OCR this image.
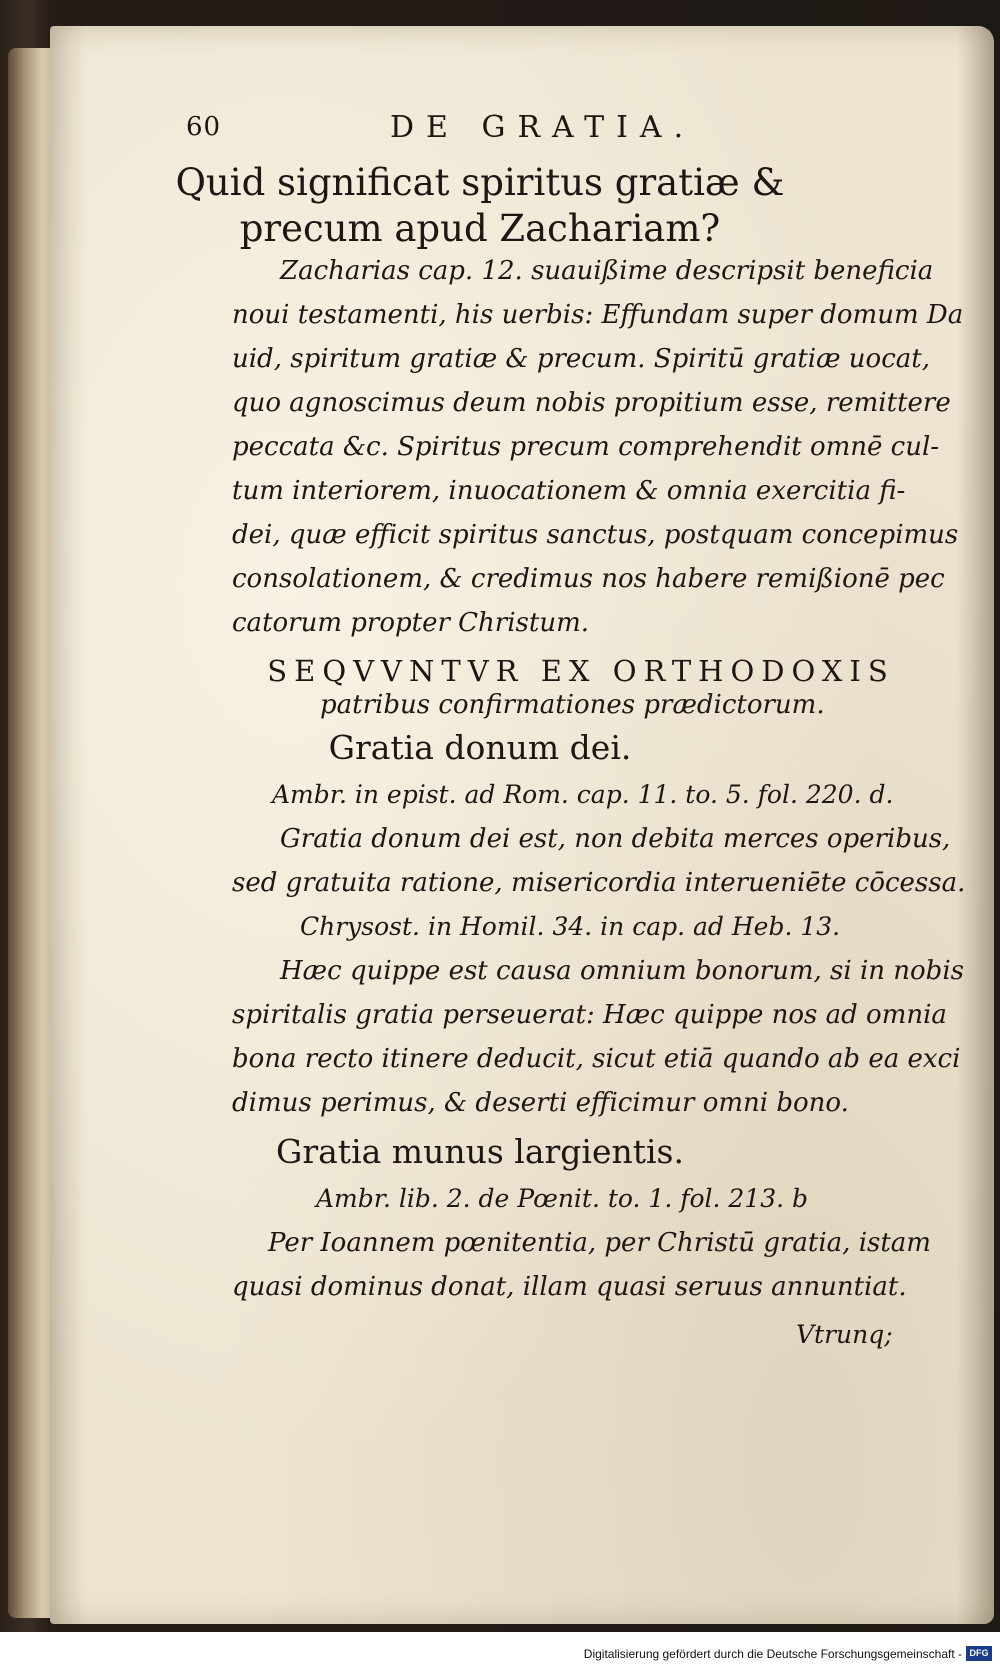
60	DE GRATIA.
Quid significat spiritus gratiæ &
precum apud Zachariam?
Zacharias cap. 12. suauißime descripsit beneficia
noui testamenti, his uerbis: Effundam super domum Da
uid, spiritum gratiæ & precum. Spiritū gratiæ uocat,
quo agnoscimus deum nobis propitium esse, remittere
peccata &c. Spiritus precum comprehendit omnē cul-
tum interiorem, inuocationem & omnia exercitia fi-
dei, quæ efficit spiritus sanctus, postquam concepimus
consolationem, & credimus nos habere remißionē pec
catorum propter Christum.
SEQVVNTVR EX ORTHODOXIS
patribus confirmationes prædictorum.
Gratia donum dei.
Ambr. in epist. ad Rom. cap. 11. to. 5. fol. 220. d.
Gratia donum dei est, non debita merces operibus,
sed gratuita ratione, misericordia interueniēte cōcessa.
Chrysost. in Homil. 34. in cap. ad Heb. 13.
Hæc quippe est causa omnium bonorum, si in nobis
spiritalis gratia perseuerat: Hæc quippe nos ad omnia
bona recto itinere deducit, sicut etiā quando ab ea exci
dimus perimus, & deserti efficimur omni bono.
Gratia munus largientis.
Ambr. lib. 2. de Pœnit. to. 1. fol. 213. b
Per Ioannem pœnitentia, per Christū gratia, istam
quasi dominus donat, illam quasi seruus annuntiat.
Vtrunq;
Digitalisierung gefördert durch die Deutsche Forschungsgemeinschaft - DFG
